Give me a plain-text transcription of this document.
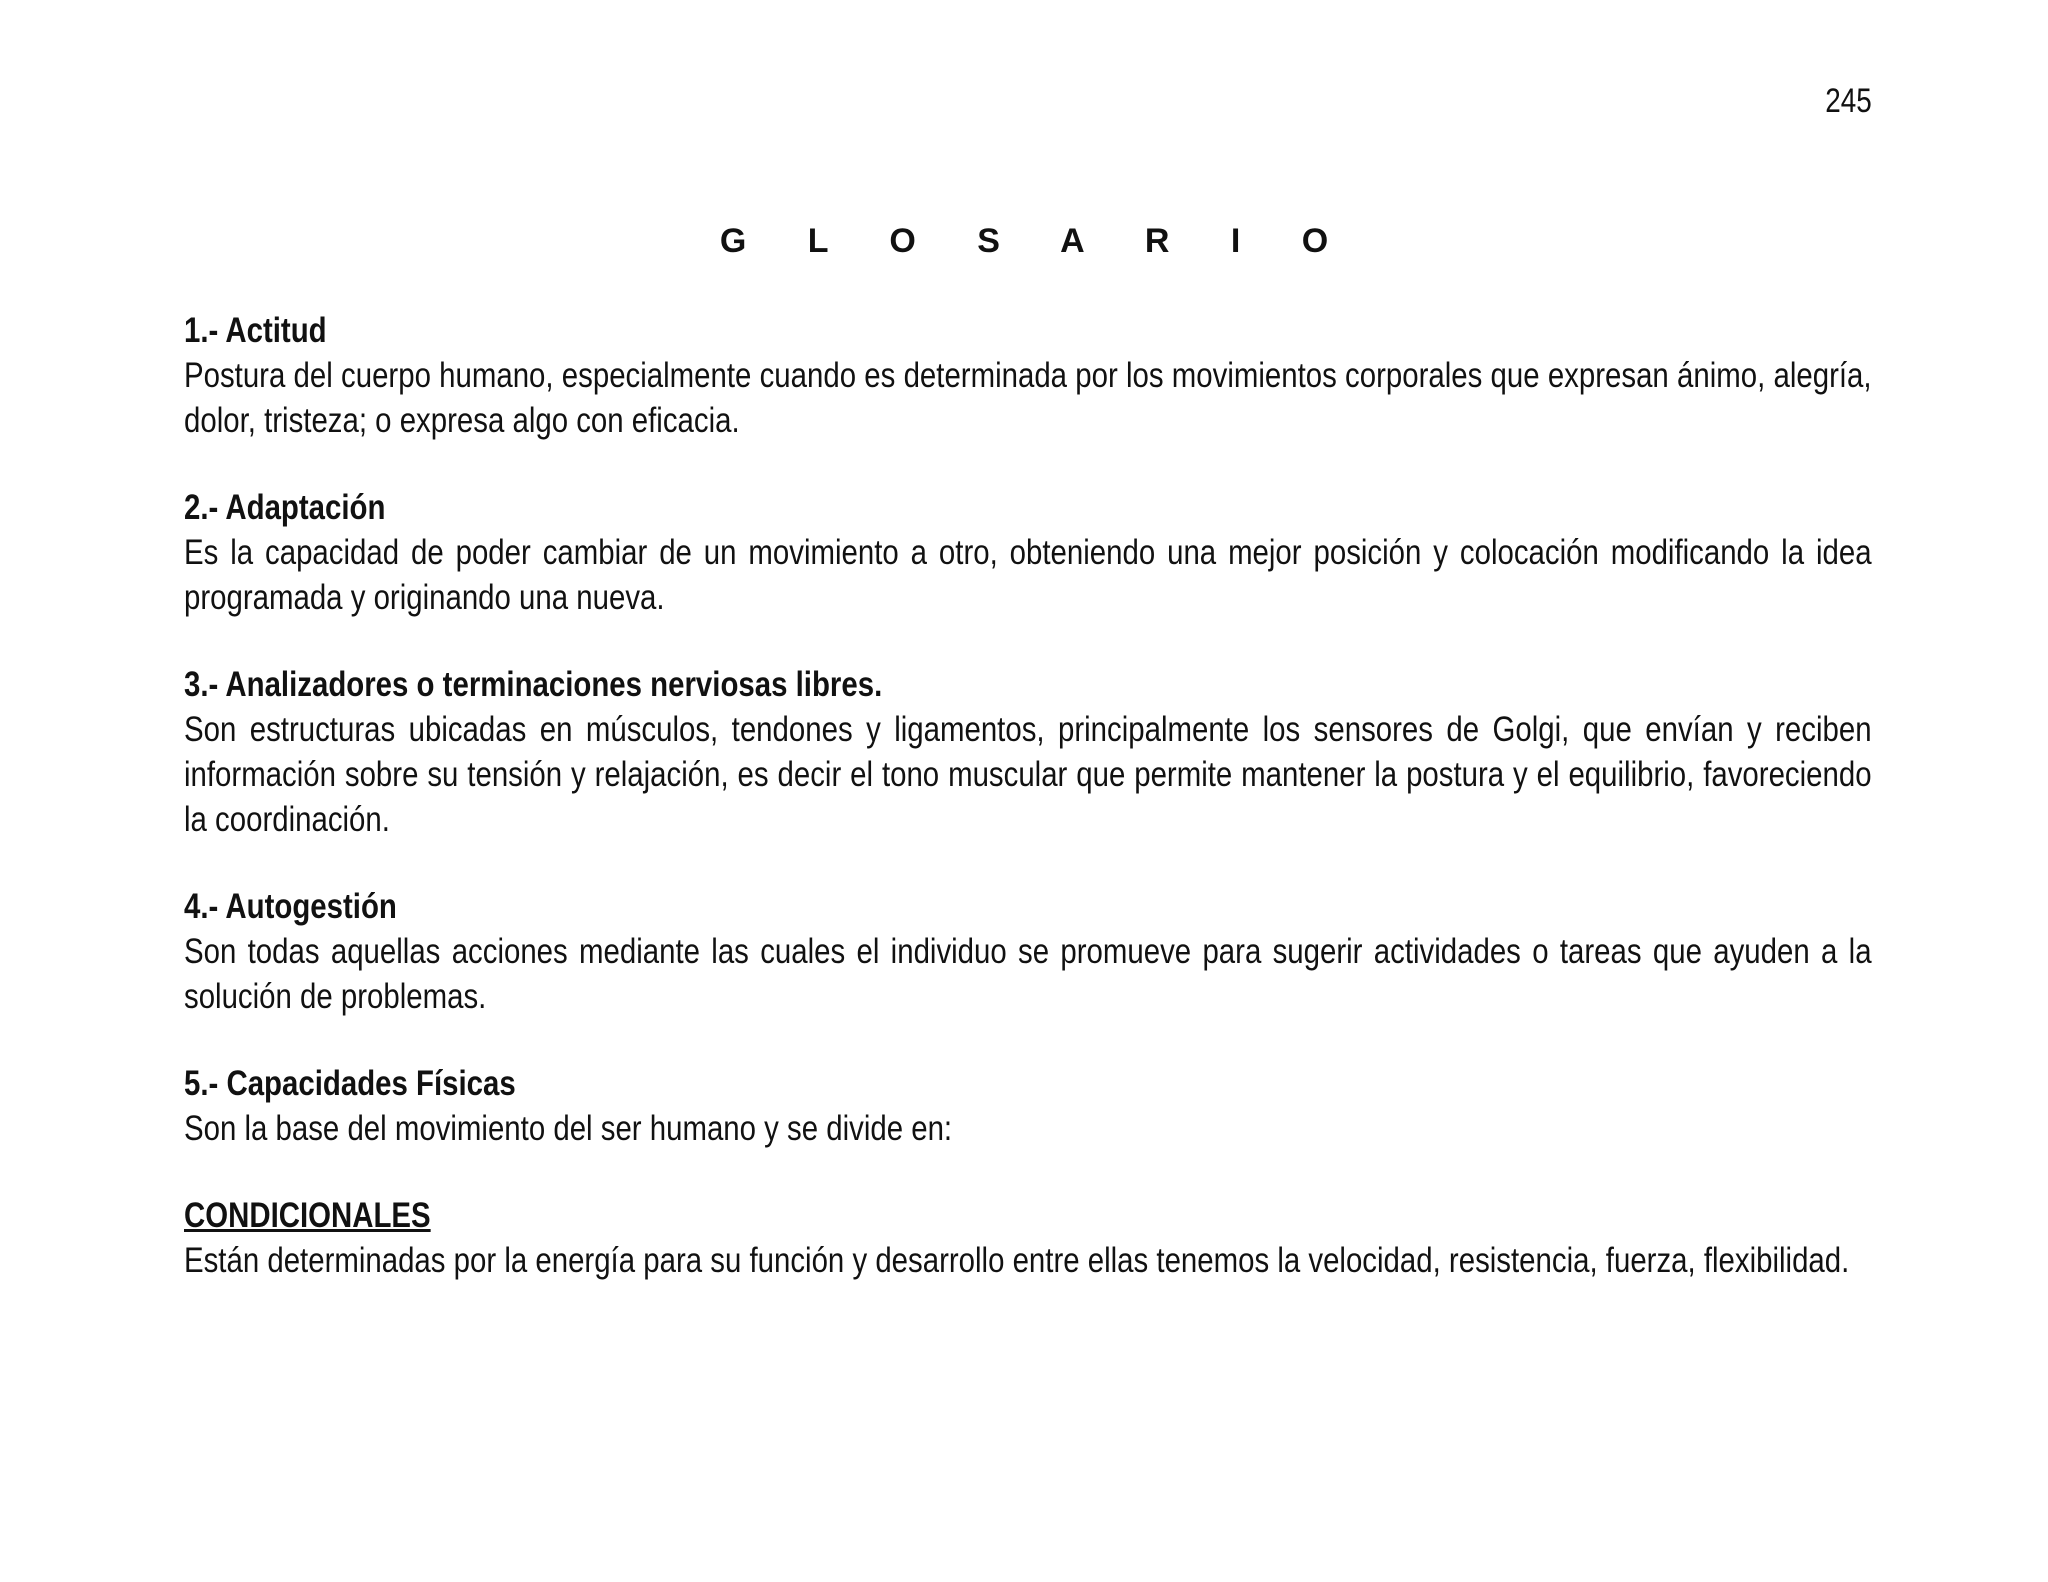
245
G L O S A R I O
1.- Actitud

Postura del cuerpo humano, especialmente cuando es determinada por los movimientos corporales que expresan ánimo, alegría, dolor, tristeza; o expresa algo con eficacia.

2.- Adaptación

Es la capacidad de poder cambiar de un movimiento a otro, obteniendo una mejor posición y colocación modificando la idea programada y originando una nueva.

3.- Analizadores o terminaciones nerviosas libres.

Son estructuras ubicadas en músculos, tendones y ligamentos, principalmente los sensores de Golgi, que envían y reciben información sobre su tensión y relajación, es decir el tono muscular que permite mantener la postura y el equilibrio, favoreciendo la coordinación.

4.- Autogestión

Son todas aquellas acciones mediante las cuales el individuo se promueve para sugerir actividades o tareas que ayuden a la solución de problemas.

5.- Capacidades Físicas

Son la base del movimiento del ser humano y se divide en:

CONDICIONALES

Están determinadas por la energía para su función y desarrollo entre ellas tenemos la velocidad, resistencia, fuerza, flexibilidad.
